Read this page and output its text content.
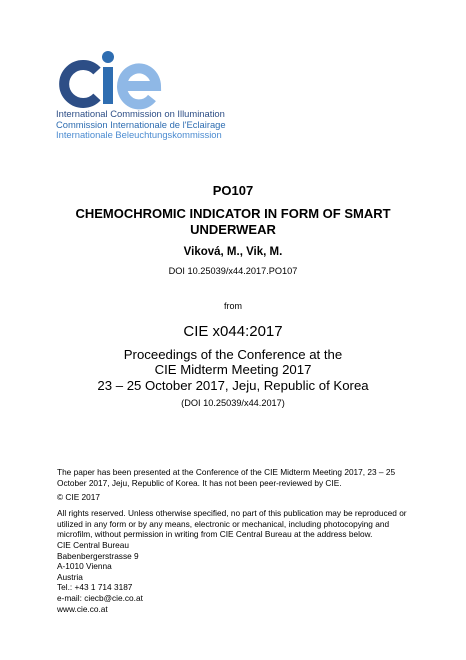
International Commission on Illumination
Commission Internationale de l'Eclairage
Internationale Beleuchtungskommission
PO107
CHEMOCHROMIC INDICATOR IN FORM OF SMART UNDERWEAR
Viková, M., Vik, M.
DOI 10.25039/x44.2017.PO107
from
CIE x044:2017
Proceedings of the Conference at the
CIE Midterm Meeting 2017
23 – 25 October 2017, Jeju, Republic of Korea
(DOI 10.25039/x44.2017)
The paper has been presented at the Conference of the CIE Midterm Meeting 2017, 23 – 25 October 2017, Jeju, Republic of Korea. It has not been peer-reviewed by CIE.
© CIE 2017
All rights reserved. Unless otherwise specified, no part of this publication may be reproduced or utilized in any form or by any means, electronic or mechanical, including photocopying and microfilm, without permission in writing from CIE Central Bureau at the address below.
CIE Central Bureau
Babenbergerstrasse 9
A-1010 Vienna
Austria
Tel.: +43 1 714 3187
e-mail: ciecb@cie.co.at
www.cie.co.at
